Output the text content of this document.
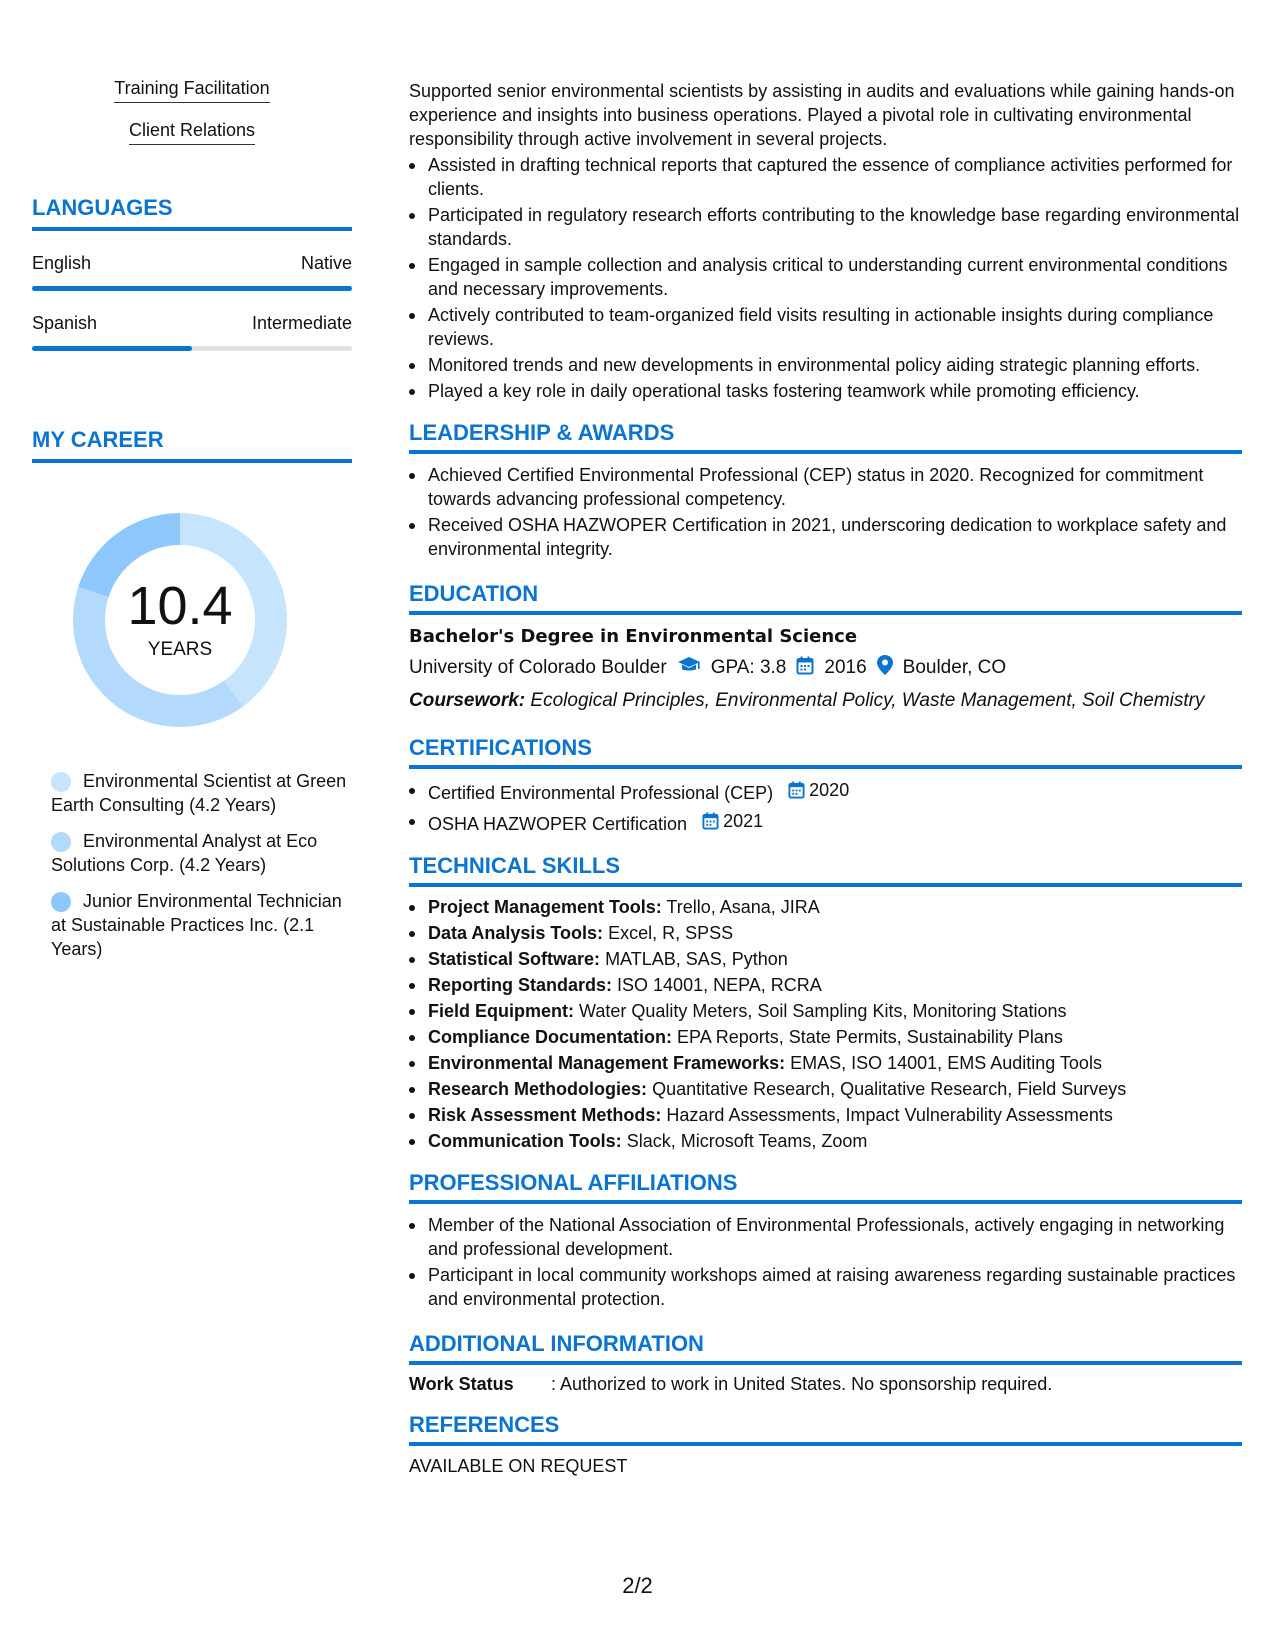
Training Facilitation
Client Relations
LANGUAGES
English	Native
Spanish	Intermediate
MY CAREER
10.4
YEARS
Environmental Scientist at Green Earth Consulting (4.2 Years)
Environmental Analyst at Eco Solutions Corp. (4.2 Years)
Junior Environmental Technician at Sustainable Practices Inc. (2.1 Years)

Supported senior environmental scientists by assisting in audits and evaluations while gaining hands-on experience and insights into business operations. Played a pivotal role in cultivating environmental responsibility through active involvement in several projects.

Assisted in drafting technical reports that captured the essence of compliance activities performed for clients.
Participated in regulatory research efforts contributing to the knowledge base regarding environmental standards.
Engaged in sample collection and analysis critical to understanding current environmental conditions and necessary improvements.
Actively contributed to team-organized field visits resulting in actionable insights during compliance reviews.
Monitored trends and new developments in environmental policy aiding strategic planning efforts.
Played a key role in daily operational tasks fostering teamwork while promoting efficiency.
LEADERSHIP & AWARDS
Achieved Certified Environmental Professional (CEP) status in 2020. Recognized for commitment towards advancing professional competency.
Received OSHA HAZWOPER Certification in 2021, underscoring dedication to workplace safety and environmental integrity.
EDUCATION
Bachelor's Degree in Environmental Science
University of Colorado Boulder GPA: 3.8 2016 Boulder, CO
Coursework: Ecological Principles, Environmental Policy, Waste Management, Soil Chemistry
CERTIFICATIONS
Certified Environmental Professional (CEP) 2020
OSHA HAZWOPER Certification 2021
TECHNICAL SKILLS
Project Management Tools: Trello, Asana, JIRA
Data Analysis Tools: Excel, R, SPSS
Statistical Software: MATLAB, SAS, Python
Reporting Standards: ISO 14001, NEPA, RCRA
Field Equipment: Water Quality Meters, Soil Sampling Kits, Monitoring Stations
Compliance Documentation: EPA Reports, State Permits, Sustainability Plans
Environmental Management Frameworks: EMAS, ISO 14001, EMS Auditing Tools
Research Methodologies: Quantitative Research, Qualitative Research, Field Surveys
Risk Assessment Methods: Hazard Assessments, Impact Vulnerability Assessments
Communication Tools: Slack, Microsoft Teams, Zoom
PROFESSIONAL AFFILIATIONS
Member of the National Association of Environmental Professionals, actively engaging in networking and professional development.
Participant in local community workshops aimed at raising awareness regarding sustainable practices and environmental protection.
ADDITIONAL INFORMATION
Work Status	: Authorized to work in United States. No sponsorship required.
REFERENCES
AVAILABLE ON REQUEST
2/2
